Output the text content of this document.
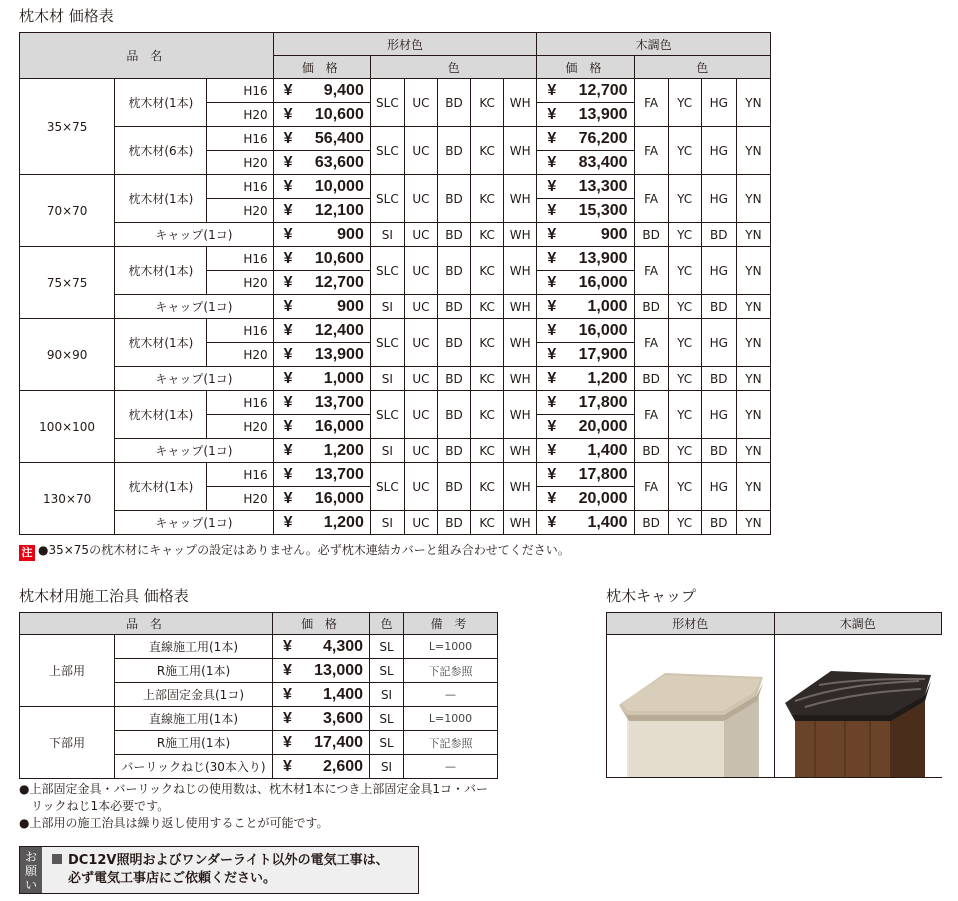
枕木材 価格表
品 名			形材色						木調色				
			価 格	色					価 格	色			
35×75	枕木材(1本)	H16	¥ 9,400	SLC	UC	BD	KC	WH	¥ 12,700	FA	YC	HG	YN
		H20	¥ 10,600						¥ 13,900				

	枕木材(6本)	H16	¥ 56,400	SLC	UC	BD	KC	WH	¥ 76,200	FA	YC	HG	YN
		H20	¥ 63,600						¥ 83,400				

70×70	枕木材(1本)	H16	¥ 10,000	SLC	UC	BD	KC	WH	¥ 13,300	FA	YC	HG	YN
		H20	¥ 12,100						¥ 15,300				

	キャップ(1コ)		¥ 900	SI	UC	BD	KC	WH	¥ 900	BD	YC	BD	YN
75×75	枕木材(1本)	H16	¥ 10,600	SLC	UC	BD	KC	WH	¥ 13,900	FA	YC	HG	YN
		H20	¥ 12,700						¥ 16,000				

	キャップ(1コ)		¥ 900	SI	UC	BD	KC	WH	¥ 1,000	BD	YC	BD	YN
90×90	枕木材(1本)	H16	¥ 12,400	SLC	UC	BD	KC	WH	¥ 16,000	FA	YC	HG	YN
		H20	¥ 13,900						¥ 17,900				

	キャップ(1コ)		¥ 1,000	SI	UC	BD	KC	WH	¥ 1,200	BD	YC	BD	YN
100×100	枕木材(1本)	H16	¥ 13,700	SLC	UC	BD	KC	WH	¥ 17,800	FA	YC	HG	YN
		H20	¥ 16,000						¥ 20,000				

	キャップ(1コ)		¥ 1,200	SI	UC	BD	KC	WH	¥ 1,400	BD	YC	BD	YN
130×70	枕木材(1本)	H16	¥ 13,700	SLC	UC	BD	KC	WH	¥ 17,800	FA	YC	HG	YN
		H20	¥ 16,000						¥ 20,000				

	キャップ(1コ)		¥ 1,200	SI	UC	BD	KC	WH	¥ 1,400	BD	YC	BD	YN
注 ●35×75の枕木材にキャップの設定はありません。必ず枕木連結カバーと組み合わせてください。
枕木材用施工治具 価格表
品 名		価 格	色	備 考
上部用	直線施工用(1本)	¥ 4,300	SL	L=1000
	R施工用(1本)	¥ 13,000	SL	下記参照
	上部固定金具(1コ)	¥ 1,400	SI	—
下部用	直線施工用(1本)	¥ 3,600	SL	L=1000
	R施工用(1本)	¥ 17,400	SL	下記参照
	バーリックねじ(30本入り)	¥ 2,600	SI	—
●上部固定金具・バーリックねじの使用数は、枕木材1本につき上部固定金具1コ・バー
リックねじ1本必要です。
●上部用の施工治具は繰り返し使用することが可能です。
枕木キャップ
形材色	木調色
お
願い
DC12V照明およびワンダーライト以外の電気工事は、
必ず電気工事店にご依頼ください。
